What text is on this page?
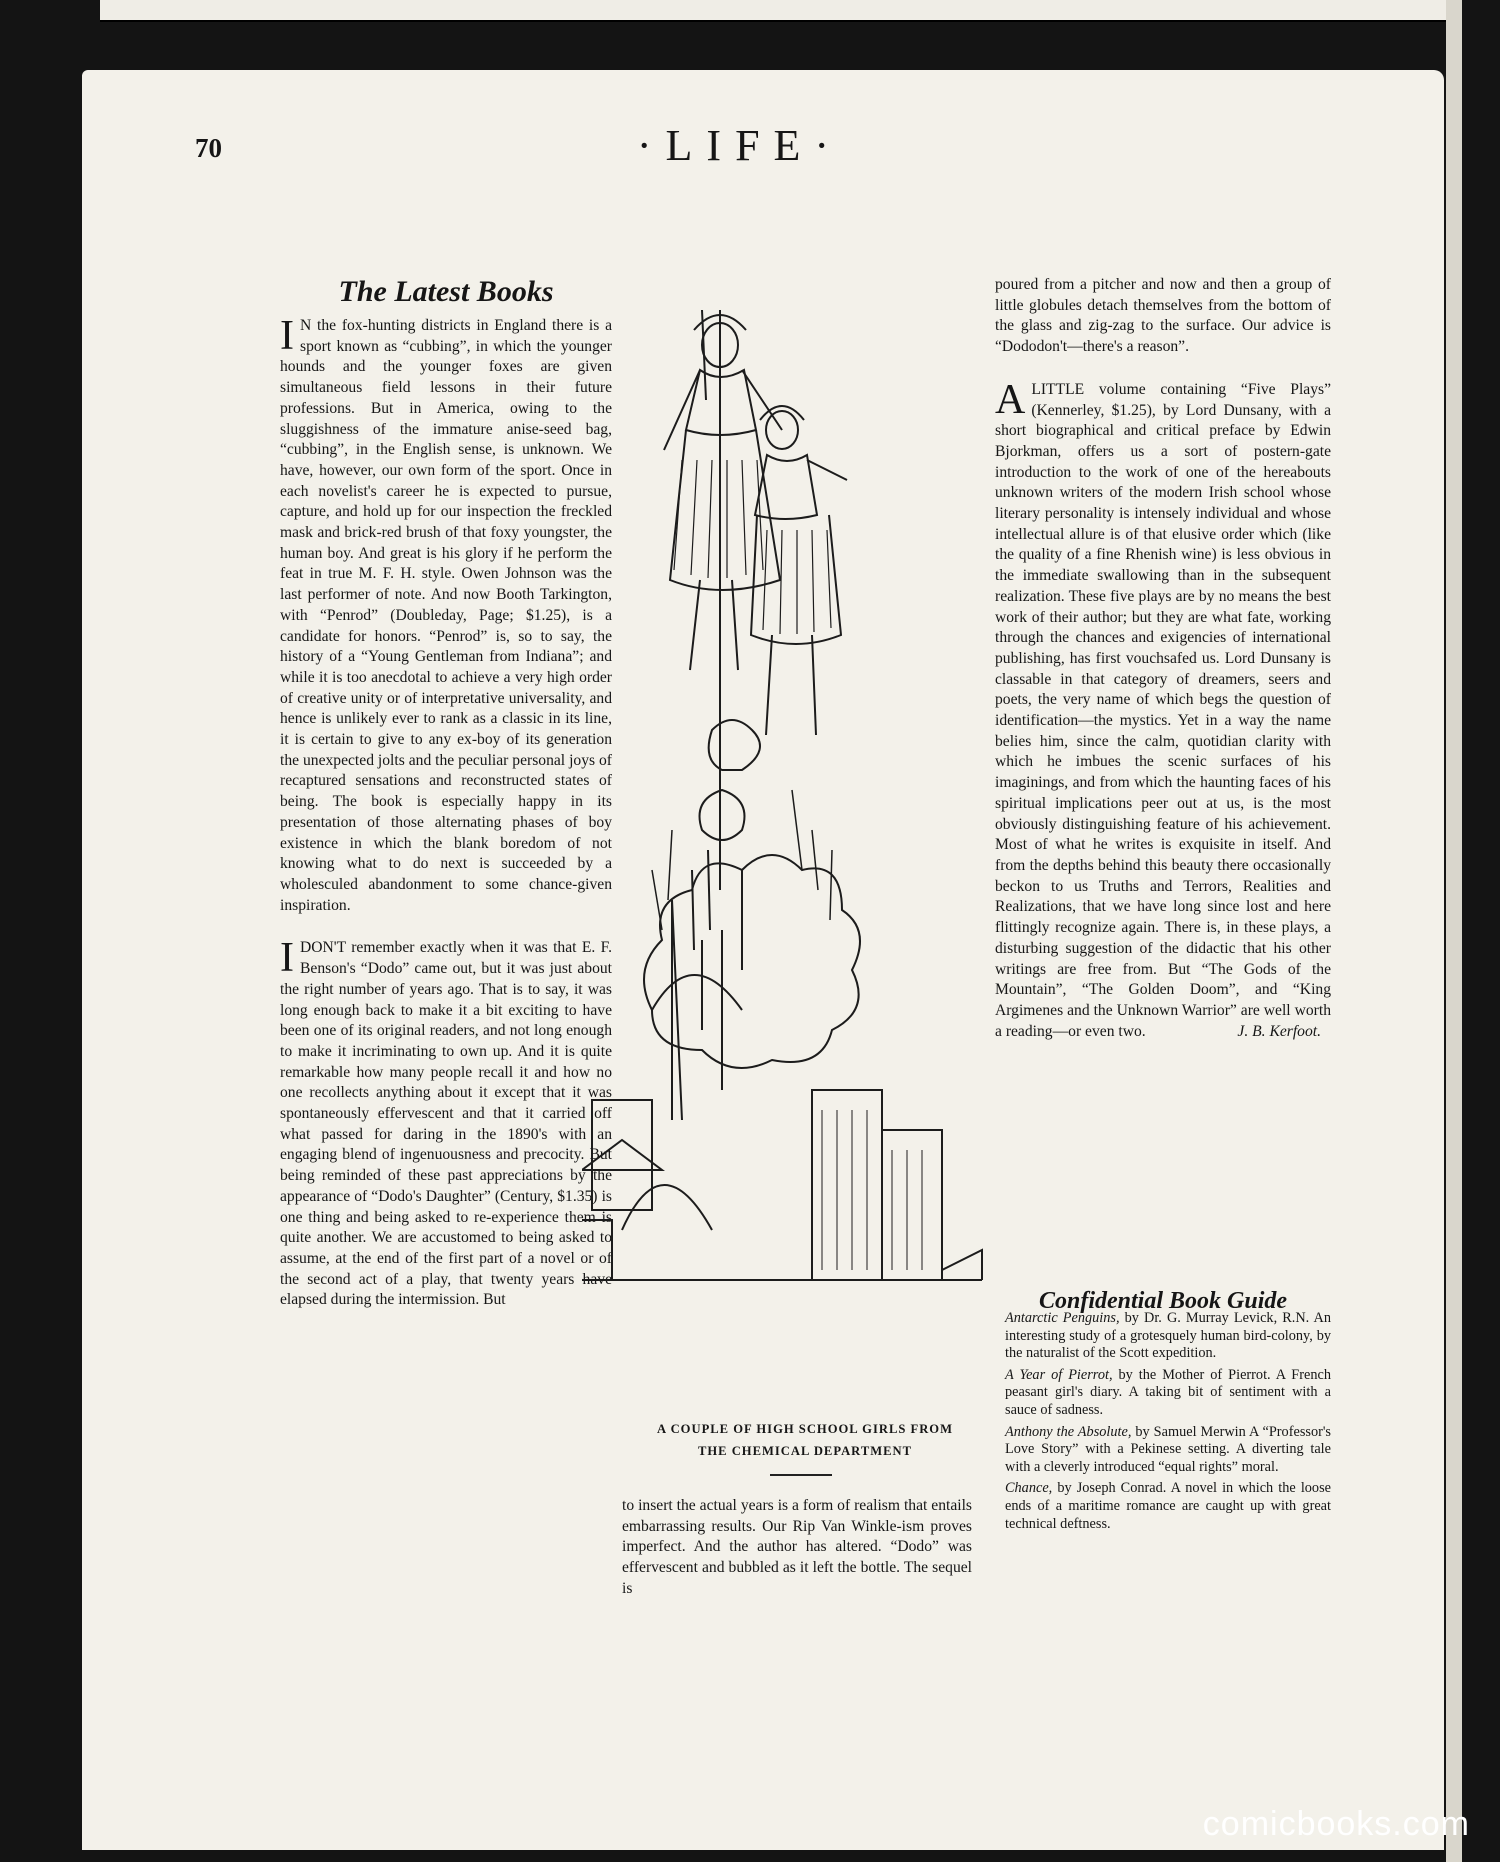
70	·LIFE·
The Latest Books

I N the fox-hunting districts in England there is a sport known as “cubbing”, in which the younger hounds and the younger foxes are given simultaneous field lessons in their future professions. But in America, owing to the sluggishness of the immature anise-seed bag, “cubbing”, in the English sense, is unknown. We have, however, our own form of the sport. Once in each novelist's career he is expected to pursue, capture, and hold up for our inspection the freckled mask and brick-red brush of that foxy youngster, the human boy. And great is his glory if he perform the feat in true M. F. H. style. Owen Johnson was the last performer of note. And now Booth Tarkington, with “Penrod” (Doubleday, Page; $1.25), is a candidate for honors. “Penrod” is, so to say, the history of a “Young Gentleman from Indiana”; and while it is too anecdotal to achieve a very high order of creative unity or of interpretative universality, and hence is unlikely ever to rank as a classic in its line, it is certain to give to any ex-boy of its generation the unexpected jolts and the peculiar personal joys of recaptured sensations and reconstructed states of being. The book is especially happy in its presentation of those alternating phases of boy existence in which the blank boredom of not knowing what to do next is succeeded by a wholesculed abandonment to some chance-given inspiration.

IDON'T remember exactly when it was that E. F. Benson's “Dodo” came out, but it was just about the right number of years ago. That is to say, it was long enough back to make it a bit exciting to have been one of its original readers, and not long enough to make it incriminating to own up. And it is quite remarkable how many people recall it and how no one recollects anything about it except that it was spontaneously effervescent and that it carried off what passed for daring in the 1890's with an engaging blend of ingenuousness and precocity. But being reminded of these past appreciations by the appearance of “Dodo's Daughter” (Century, $1.35) is one thing and being asked to re-experience them is quite another. We are accustomed to being asked to assume, at the end of the first part of a novel or of the second act of a play, that twenty years have elapsed during the intermission. But

A COUPLE OF HIGH SCHOOL GIRLS FROM
THE CHEMICAL DEPARTMENT

to insert the actual years is a form of realism that entails embarrassing results. Our Rip Van Winkle-ism proves imperfect. And the author has altered. “Dodo” was effervescent and bubbled as it left the bottle. The sequel is

poured from a pitcher and now and then a group of little globules detach themselves from the bottom of the glass and zig-zag to the surface. Our advice is “Dododon't—there's a reason”.

ALITTLE volume containing “Five Plays” (Kennerley, $1.25), by Lord Dunsany, with a short biographical and critical preface by Edwin Bjorkman, offers us a sort of postern-gate introduction to the work of one of the hereabouts unknown writers of the modern Irish school whose literary personality is intensely individual and whose intellectual allure is of that elusive order which (like the quality of a fine Rhenish wine) is less obvious in the immediate swallowing than in the subsequent realization. These five plays are by no means the best work of their author; but they are what fate, working through the chances and exigencies of international publishing, has first vouchsafed us. Lord Dunsany is classable in that category of dreamers, seers and poets, the very name of which begs the question of identification—the mystics. Yet in a way the name belies him, since the calm, quotidian clarity with which he imbues the scenic surfaces of his imaginings, and from which the haunting faces of his spiritual implications peer out at us, is the most obviously distinguishing feature of his achievement. Most of what he writes is exquisite in itself. And from the depths behind this beauty there occasionally beckon to us Truths and Terrors, Realities and Realizations, that we have long since lost and here flittingly recognize again. There is, in these plays, a disturbing suggestion of the didactic that his other writings are free from. But “The Gods of the Mountain”, “The Golden Doom”, and “King Argimenes and the Unknown Warrior” are well worth a reading—or even two.	J. B. Kerfoot.

Confidential Book Guide

Antarctic Penguins, by Dr. G. Murray Levick, R.N. An interesting study of a grotesquely human bird-colony, by the naturalist of the Scott expedition.

A Year of Pierrot, by the Mother of Pierrot. A French peasant girl's diary. A taking bit of sentiment with a sauce of sadness.

Anthony the Absolute, by Samuel Merwin A “Professor's Love Story” with a Pekinese setting. A diverting tale with a cleverly introduced “equal rights” moral.

Chance, by Joseph Conrad. A novel in which the loose ends of a maritime romance are caught up with great technical deftness.

comicbooks.com
